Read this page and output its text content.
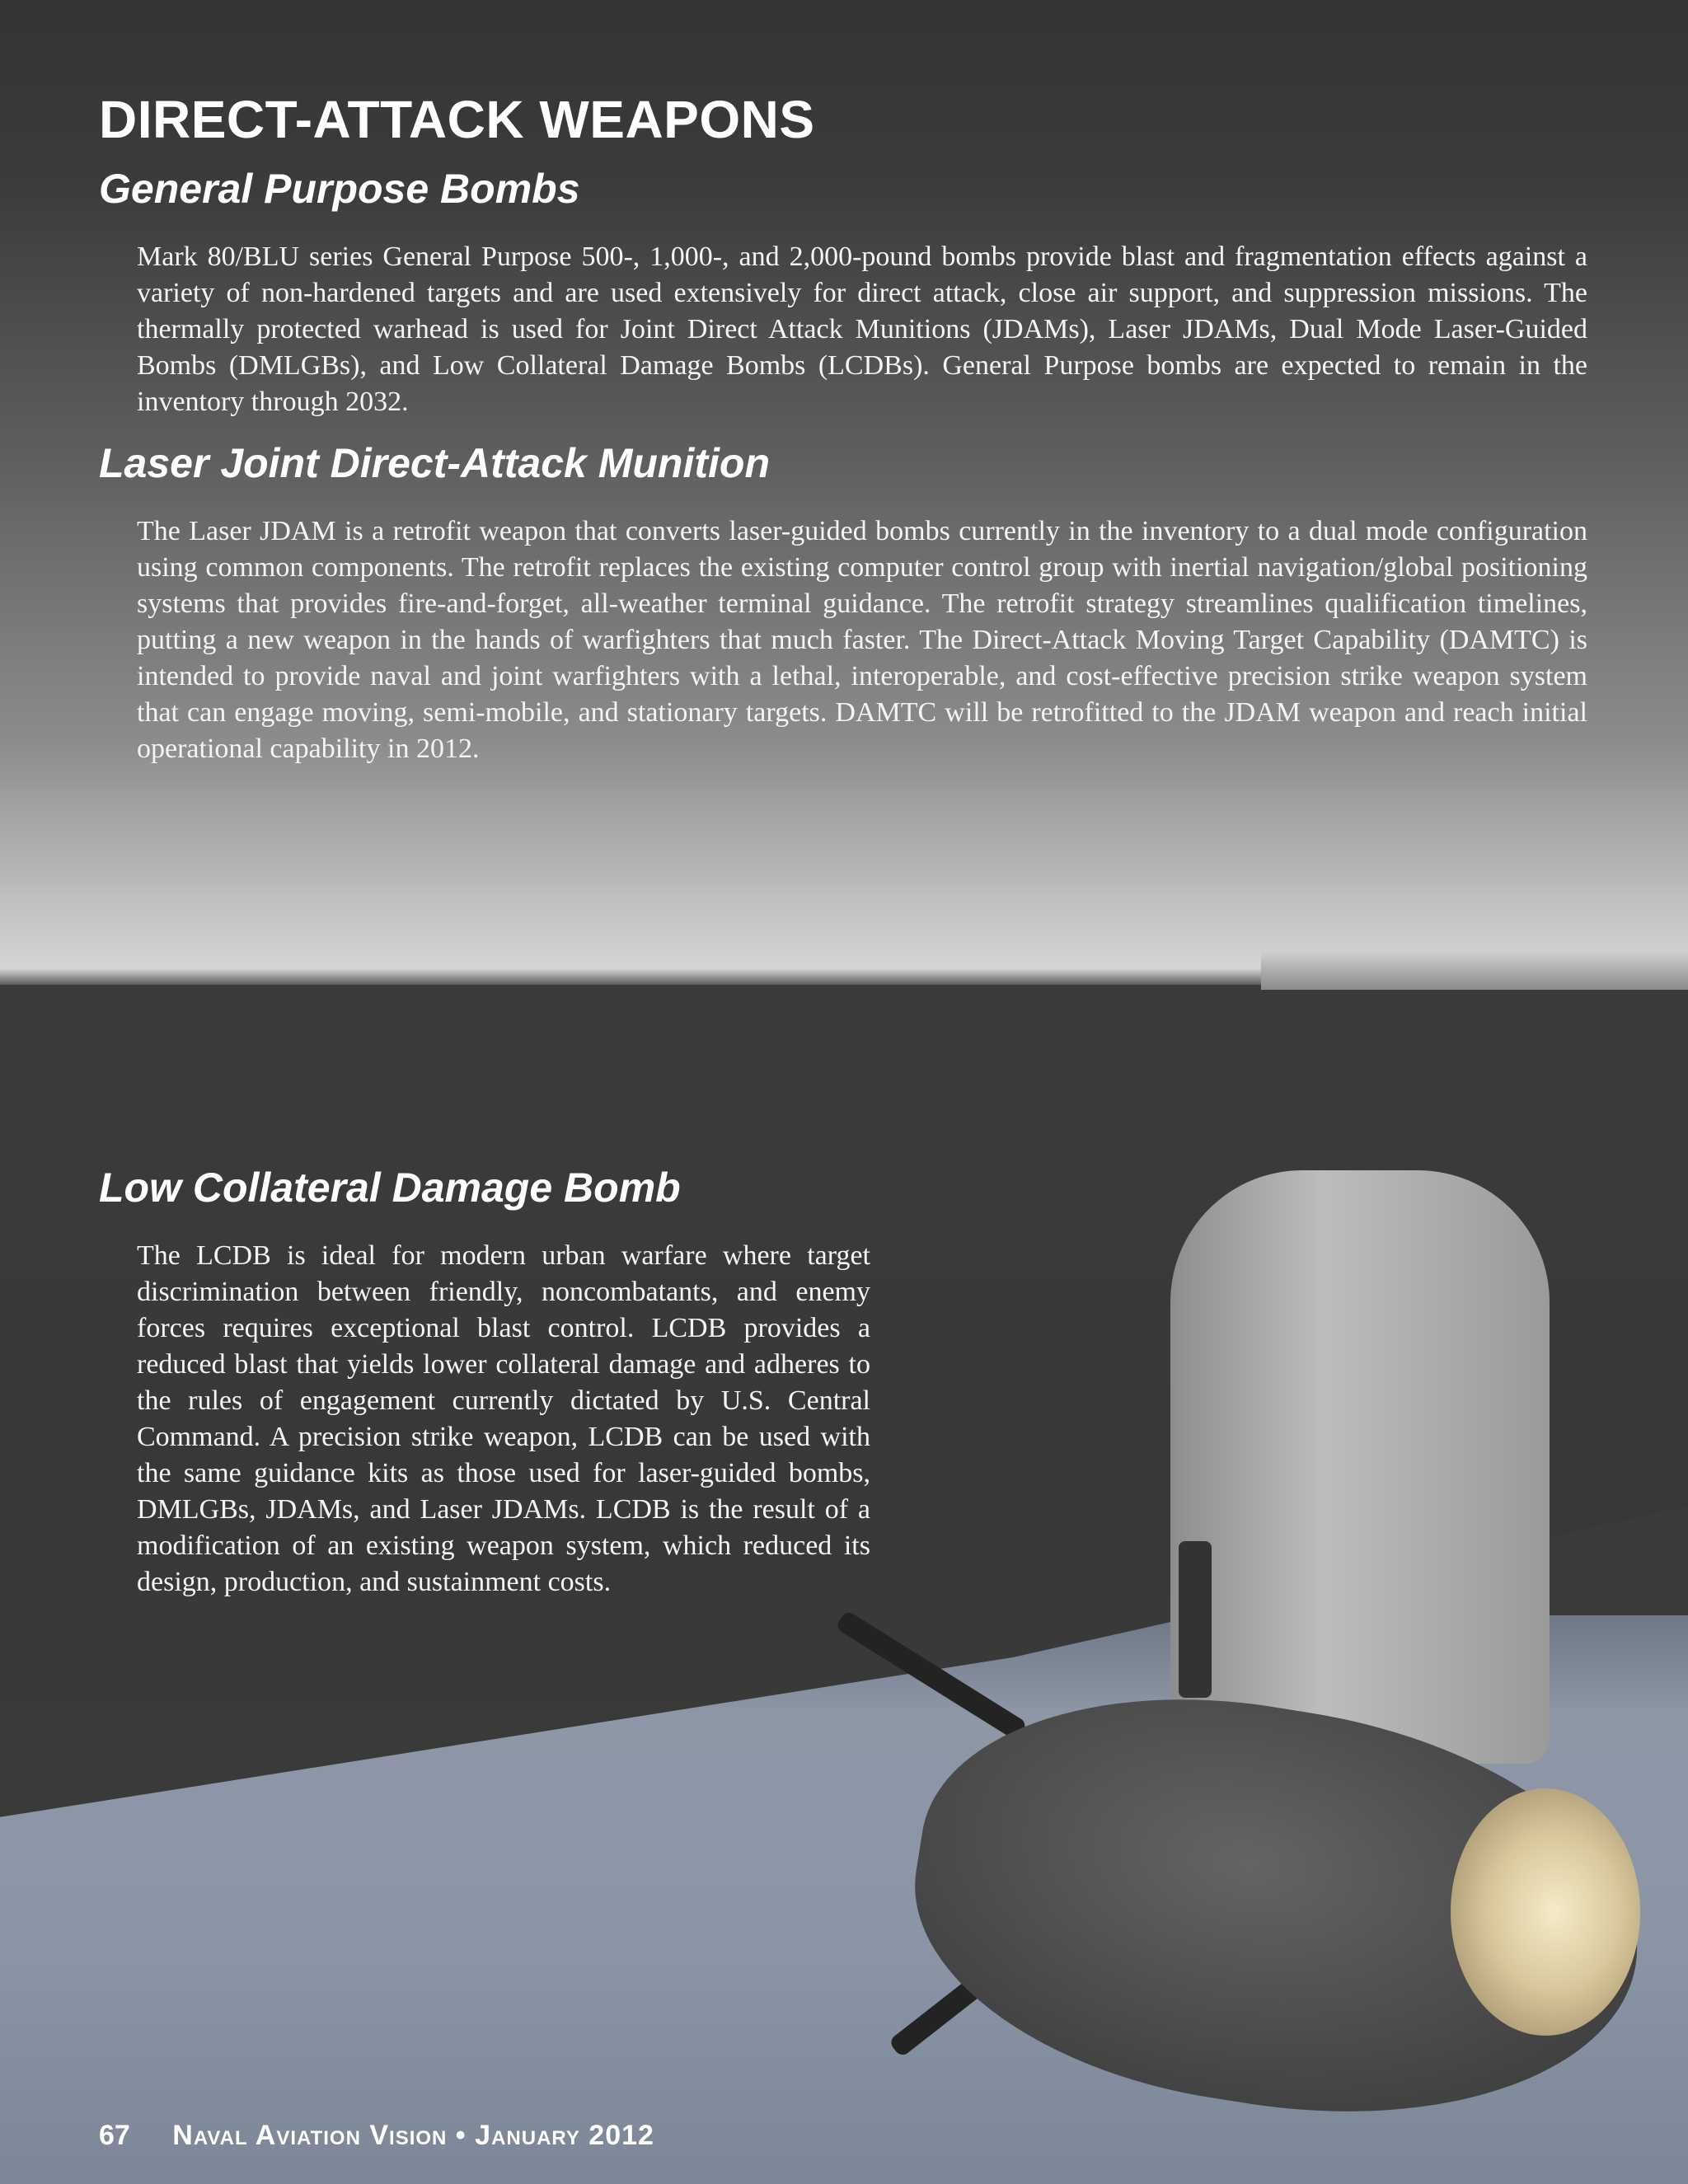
DIRECT-ATTACK WEAPONS
General Purpose Bombs

Mark 80/BLU series General Purpose 500-, 1,000-, and 2,000-pound bombs provide blast and fragmentation effects against a variety of non-hardened targets and are used extensively for direct attack, close air support, and suppression missions. The thermally protected warhead is used for Joint Direct Attack Munitions (JDAMs), Laser JDAMs, Dual Mode Laser-Guided Bombs (DMLGBs), and Low Collateral Damage Bombs (LCDBs). General Purpose bombs are expected to remain in the inventory through 2032.

Laser Joint Direct-Attack Munition

The Laser JDAM is a retrofit weapon that converts laser-guided bombs currently in the inventory to a dual mode configuration using common components. The retrofit replaces the existing computer control group with inertial navigation/global positioning systems that provides fire-and-forget, all-weather terminal guidance. The retrofit strategy streamlines qualification timelines, putting a new weapon in the hands of warfighters that much faster. The Direct-Attack Moving Target Capability (DAMTC) is intended to provide naval and joint warfighters with a lethal, interoperable, and cost-effective precision strike weapon system that can engage moving, semi-mobile, and stationary targets. DAMTC will be retrofitted to the JDAM weapon and reach initial operational capability in 2012.

Low Collateral Damage Bomb

The LCDB is ideal for modern urban warfare where target discrimination between friendly, noncombatants, and enemy forces requires exceptional blast control. LCDB provides a reduced blast that yields lower collateral damage and adheres to the rules of engagement currently dictated by U.S. Central Command. A precision strike weapon, LCDB can be used with the same guidance kits as those used for laser-guided bombs, DMLGBs, JDAMs, and Laser JDAMs. LCDB is the result of a modification of an existing weapon system, which reduced its design, production, and sustainment costs.

67 Naval Aviation Vision • January 2012
